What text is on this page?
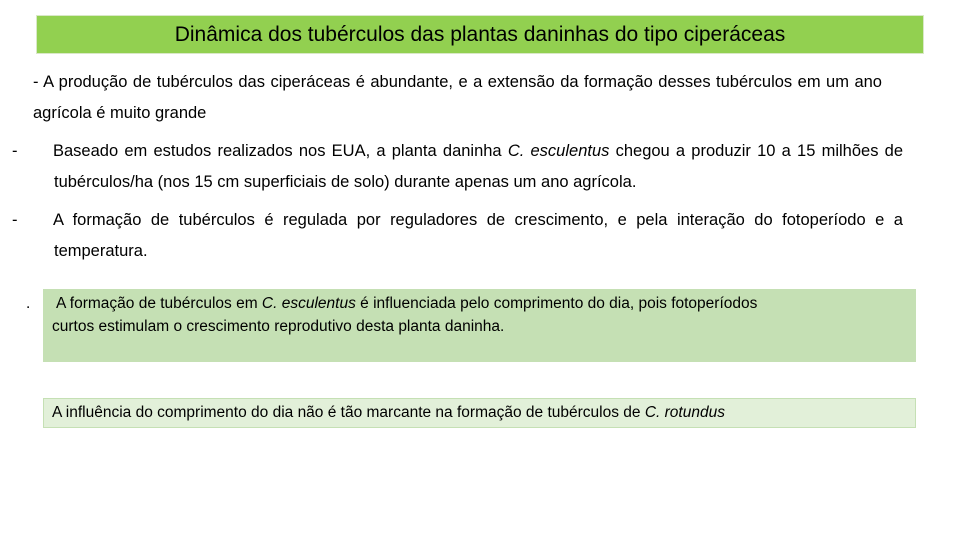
Dinâmica dos tubérculos das plantas daninhas do tipo ciperáceas
- A produção de tubérculos das ciperáceas é abundante, e a extensão da formação desses tubérculos em um ano agrícola é muito grande
- Baseado em estudos realizados nos EUA, a planta daninha C. esculentus chegou a produzir 10 a 15 milhões de tubérculos/ha (nos 15 cm superficiais de solo) durante apenas um ano agrícola.
- A formação de tubérculos é regulada por reguladores de crescimento, e pela interação do fotoperíodo e a temperatura.
. A formação de tubérculos em C. esculentus é influenciada pelo comprimento do dia, pois fotoperíodos
curtos estimulam o crescimento reprodutivo desta planta daninha.
A influência do comprimento do dia não é tão marcante na formação de tubérculos de C. rotundus
